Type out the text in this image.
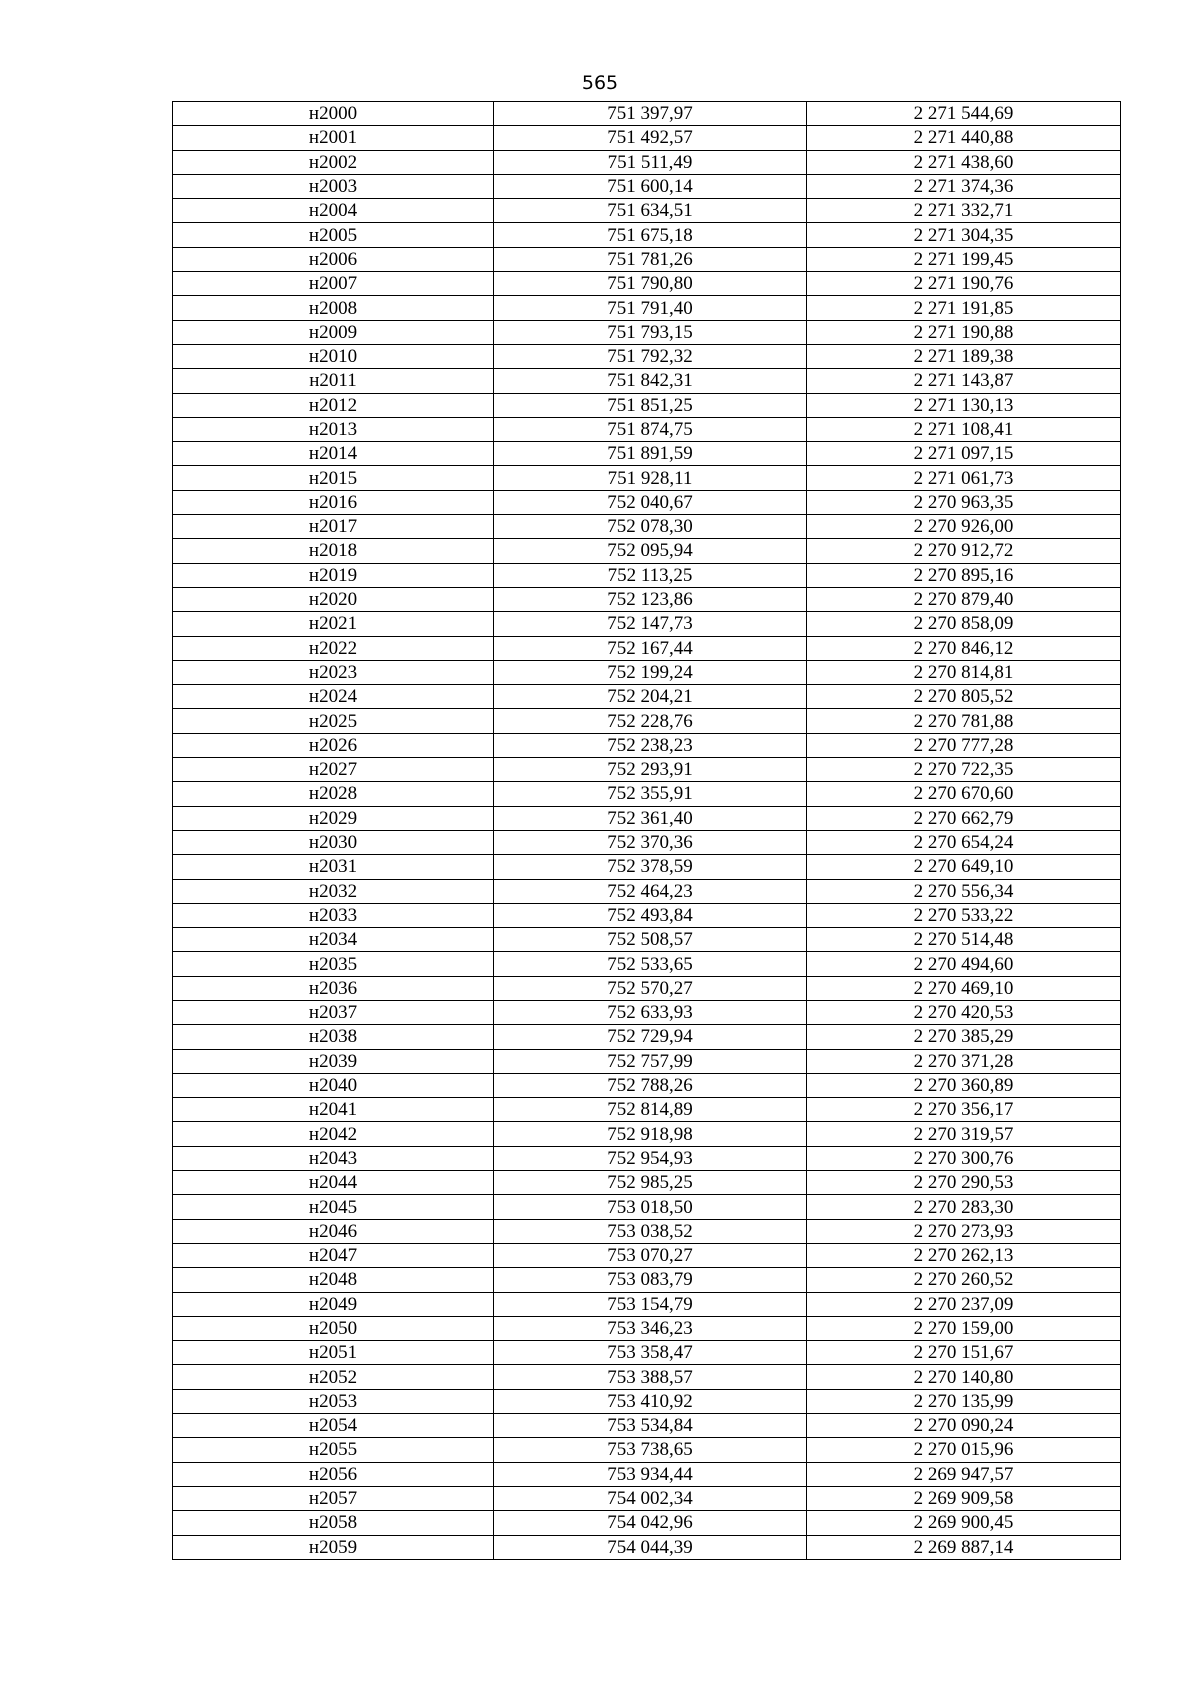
565
н2000	751 397,97	2 271 544,69
н2001	751 492,57	2 271 440,88
н2002	751 511,49	2 271 438,60
н2003	751 600,14	2 271 374,36
н2004	751 634,51	2 271 332,71
н2005	751 675,18	2 271 304,35
н2006	751 781,26	2 271 199,45
н2007	751 790,80	2 271 190,76
н2008	751 791,40	2 271 191,85
н2009	751 793,15	2 271 190,88
н2010	751 792,32	2 271 189,38
н2011	751 842,31	2 271 143,87
н2012	751 851,25	2 271 130,13
н2013	751 874,75	2 271 108,41
н2014	751 891,59	2 271 097,15
н2015	751 928,11	2 271 061,73
н2016	752 040,67	2 270 963,35
н2017	752 078,30	2 270 926,00
н2018	752 095,94	2 270 912,72
н2019	752 113,25	2 270 895,16
н2020	752 123,86	2 270 879,40
н2021	752 147,73	2 270 858,09
н2022	752 167,44	2 270 846,12
н2023	752 199,24	2 270 814,81
н2024	752 204,21	2 270 805,52
н2025	752 228,76	2 270 781,88
н2026	752 238,23	2 270 777,28
н2027	752 293,91	2 270 722,35
н2028	752 355,91	2 270 670,60
н2029	752 361,40	2 270 662,79
н2030	752 370,36	2 270 654,24
н2031	752 378,59	2 270 649,10
н2032	752 464,23	2 270 556,34
н2033	752 493,84	2 270 533,22
н2034	752 508,57	2 270 514,48
н2035	752 533,65	2 270 494,60
н2036	752 570,27	2 270 469,10
н2037	752 633,93	2 270 420,53
н2038	752 729,94	2 270 385,29
н2039	752 757,99	2 270 371,28
н2040	752 788,26	2 270 360,89
н2041	752 814,89	2 270 356,17
н2042	752 918,98	2 270 319,57
н2043	752 954,93	2 270 300,76
н2044	752 985,25	2 270 290,53
н2045	753 018,50	2 270 283,30
н2046	753 038,52	2 270 273,93
н2047	753 070,27	2 270 262,13
н2048	753 083,79	2 270 260,52
н2049	753 154,79	2 270 237,09
н2050	753 346,23	2 270 159,00
н2051	753 358,47	2 270 151,67
н2052	753 388,57	2 270 140,80
н2053	753 410,92	2 270 135,99
н2054	753 534,84	2 270 090,24
н2055	753 738,65	2 270 015,96
н2056	753 934,44	2 269 947,57
н2057	754 002,34	2 269 909,58
н2058	754 042,96	2 269 900,45
н2059	754 044,39	2 269 887,14
